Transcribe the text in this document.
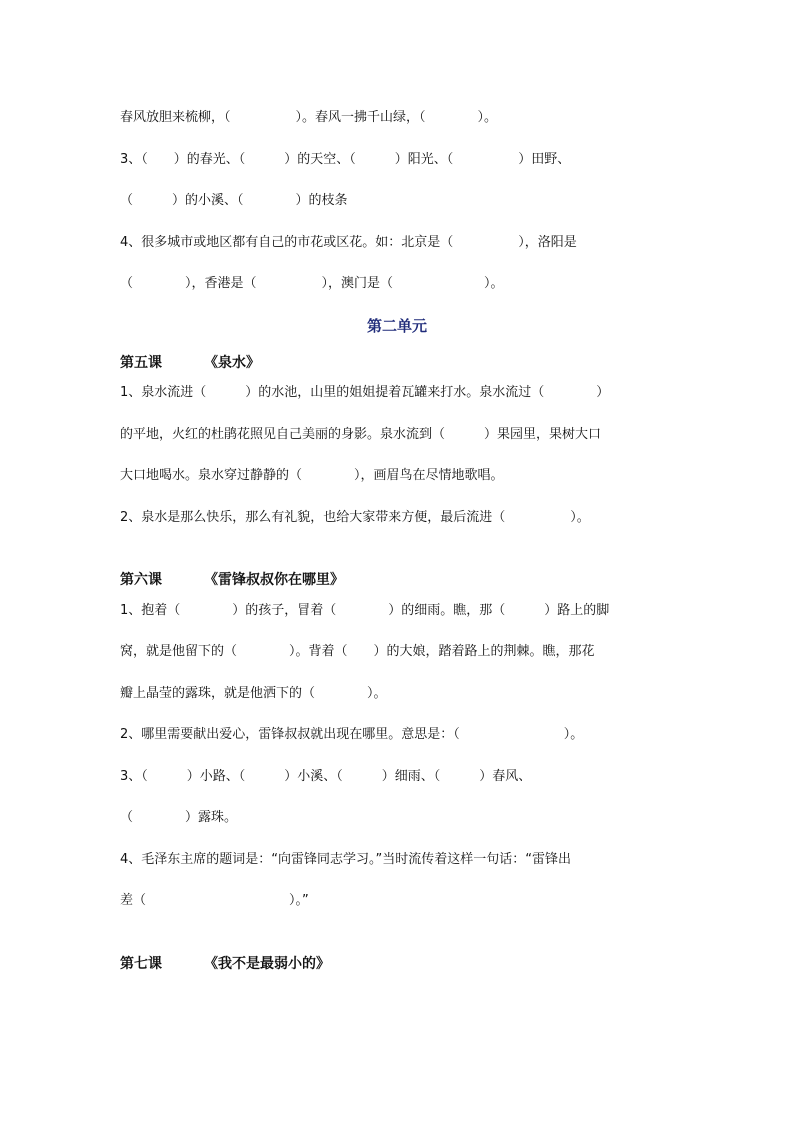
春风放胆来梳柳，（　　　　　）。春风一拂千山绿，（　　　　）。
3、（　　）的春光、（　　　）的天空、（　　　）阳光、（　　　　　）田野、
（　　　）的小溪、（　　　　）的枝条
4、很多城市或地区都有自己的市花或区花。如：北京是（　　　　　），洛阳是
（　　　　），香港是（　　　　　），澳门是（　　　　　　　）。
第二单元
第五课	《泉水》
1、泉水流进（　　　）的水池，山里的姐姐提着瓦罐来打水。泉水流过（　　　　）
的平地，火红的杜鹃花照见自己美丽的身影。泉水流到（　　　）果园里，果树大口
大口地喝水。泉水穿过静静的（　　　　），画眉鸟在尽情地歌唱。
2、泉水是那么快乐，那么有礼貌，也给大家带来方便，最后流进（　　　　　）。
第六课	《雷锋叔叔你在哪里》
1、抱着（　　　　）的孩子，冒着（　　　　）的细雨。瞧，那（　　　）路上的脚
窝，就是他留下的（　　　　）。背着（　　）的大娘，踏着路上的荆棘。瞧，那花
瓣上晶莹的露珠，就是他洒下的（　　　　）。
2、哪里需要献出爱心，雷锋叔叔就出现在哪里。意思是：（　　　　　　　　）。
3、（　　　）小路、（　　　）小溪、（　　　）细雨、（　　　）春风、
（　　　　）露珠。
4、毛泽东主席的题词是：“向雷锋同志学习。”当时流传着这样一句话：“雷锋出
差（　　　　　　　　　　　）。”
第七课	《我不是最弱小的》
